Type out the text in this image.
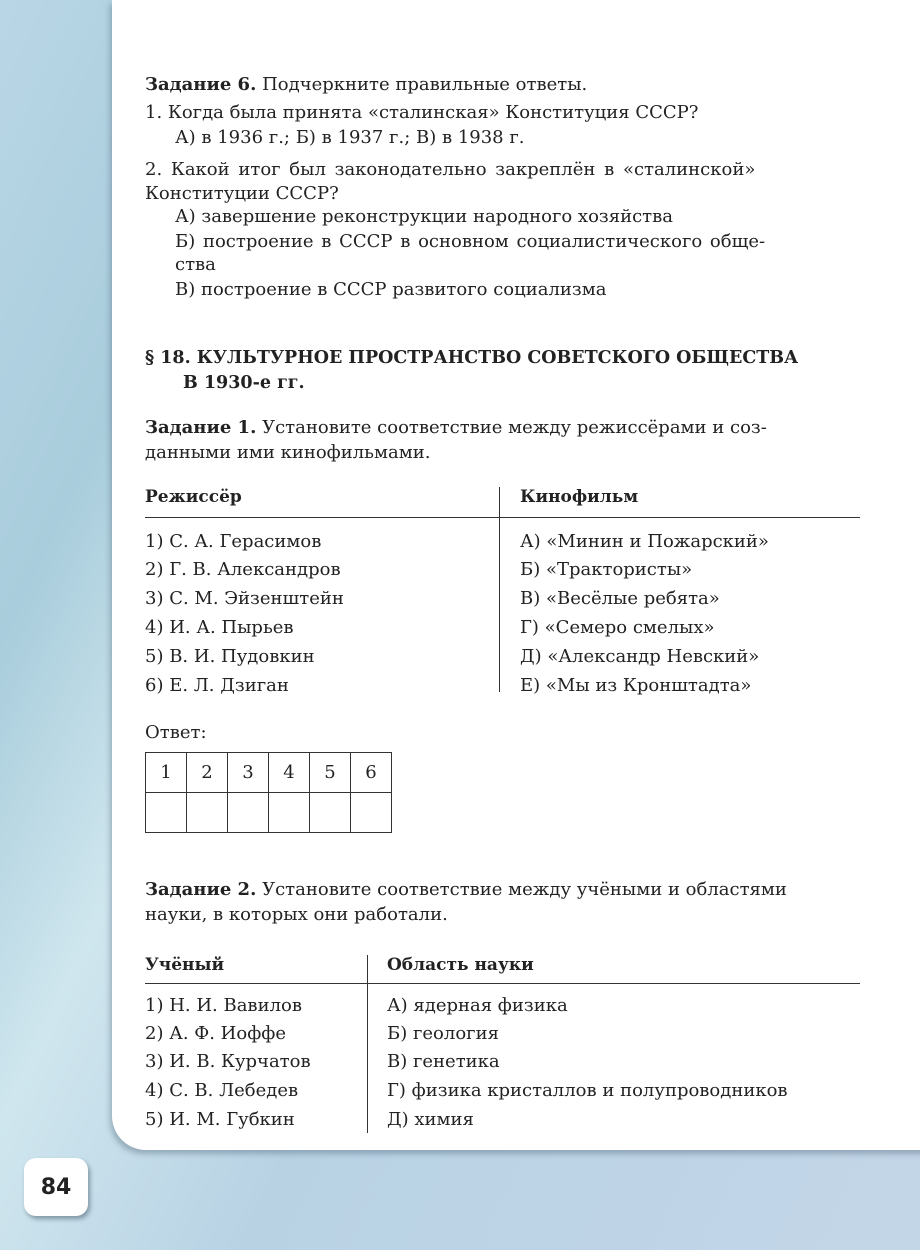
Задание 6. Подчеркните правильные ответы.
1. Когда была принята «сталинская» Конституция СССР?
А) в 1936 г.; Б) в 1937 г.; В) в 1938 г.
2. Какой итог был законодательно закреплён в «сталинской»
Конституции СССР?
А) завершение реконструкции народного хозяйства
Б) построение в СССР в основном социалистического обще-
ства
В) построение в СССР развитого социализма
§ 18. КУЛЬТУРНОЕ ПРОСТРАНСТВО СОВЕТСКОГО ОБЩЕСТВА
В 1930-е гг.
Задание 1. Установите соответствие между режиссёрами и соз-
данными ими кинофильмами.
Режиссёр	Кинофильм
1) С. А. Герасимов	А) «Минин и Пожарский»
2) Г. В. Александров	Б) «Трактористы»
3) С. М. Эйзенштейн	В) «Весёлые ребята»
4) И. А. Пырьев	Г) «Семеро смелых»
5) В. И. Пудовкин	Д) «Александр Невский»
6) Е. Л. Дзиган	Е) «Мы из Кронштадта»
Ответ:
1	2	3	4	5	6

Задание 2. Установите соответствие между учёными и областями
науки, в которых они работали.
Учёный	Область науки
1) Н. И. Вавилов	А) ядерная физика
2) А. Ф. Иоффе	Б) геология
3) И. В. Курчатов	В) генетика
4) С. В. Лебедев	Г) физика кристаллов и полупроводников
5) И. М. Губкин	Д) химия
84
